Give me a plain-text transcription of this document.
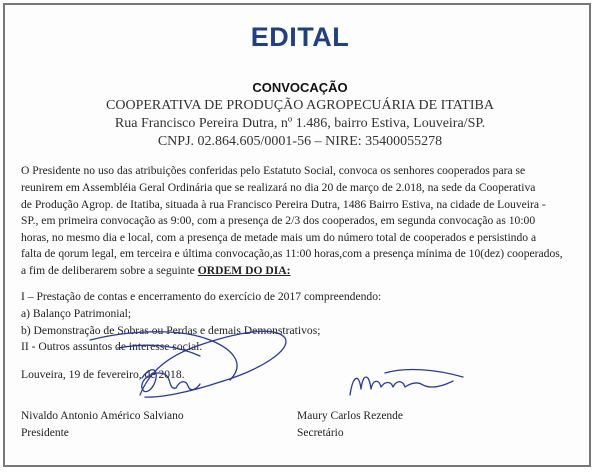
EDITAL
CONVOCAÇÃO
COOPERATIVA DE PRODUÇÃO AGROPECUÁRIA DE ITATIBA
Rua Francisco Pereira Dutra, nº 1.486, bairro Estiva, Louveira/SP.
CNPJ. 02.864.605/0001-56 – NIRE: 35400055278
O Presidente no uso das atribuições conferidas pelo Estatuto Social, convoca os senhores cooperados para se
reunirem em Assembléia Geral Ordinária que se realizará no dia 20 de março de 2.018, na sede da Cooperativa
de Produção Agrop. de Itatiba, situada à rua Francisco Pereira Dutra, 1486 Bairro Estiva, na cidade de Louveira -
SP., em primeira convocação as 9:00, com a presença de 2/3 dos cooperados, em segunda convocação as 10:00
horas, no mesmo dia e local, com a presença de metade mais um do número total de cooperados e persistindo a
falta de qorum legal, em terceira e última convocação,as 11:00 horas,com a presença mínima de 10(dez) cooperados,
a fim de deliberarem sobre a seguinte ORDEM DO DIA:
I – Prestação de contas e encerramento do exercício de 2017 compreendendo:
a) Balanço Patrimonial;
b) Demonstração de Sobras ou Perdas e demais Demonstrativos;
II - Outros assuntos de interesse social.
Louveira, 19 de fevereiro, de 2018.
Nivaldo Antonio Américo Salviano
Presidente
Maury Carlos Rezende
Secretário
